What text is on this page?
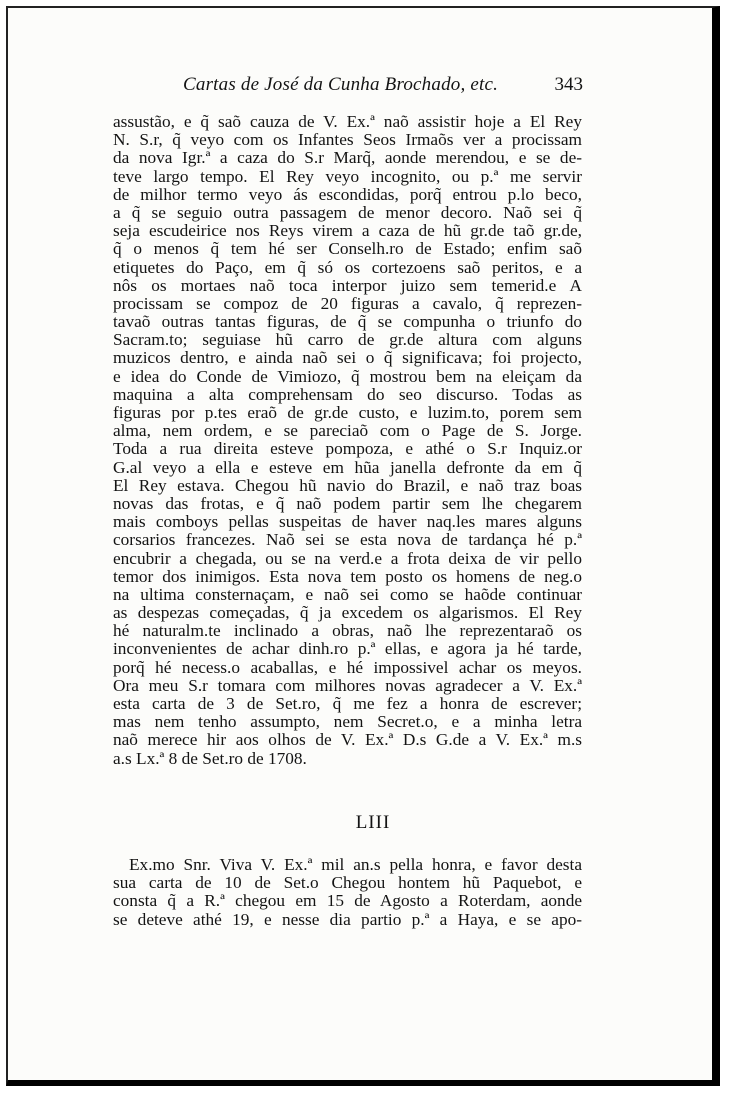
Cartas de José da Cunha Brochado, etc.	343
assustão, e q̃ saõ cauza de V. Ex.ª naõ assistir hoje a El Rey
N. S.r, q̃ veyo com os Infantes Seos Irmaõs ver a procissam
da nova Igr.ª a caza do S.r Marq̃, aonde merendou, e se de-
teve largo tempo. El Rey veyo incognito, ou p.ª me servir
de milhor termo veyo ás escondidas, porq̃ entrou p.lo beco,
a q̃ se seguio outra passagem de menor decoro. Naõ sei q̃
seja escudeirice nos Reys virem a caza de hũ gr.de taõ gr.de,
q̃ o menos q̃ tem hé ser Conselh.ro de Estado; enfim saõ
etiquetes do Paço, em q̃ só os cortezoens saõ peritos, e a
nôs os mortaes naõ toca interpor juizo sem temerid.e A
procissam se compoz de 20 figuras a cavalo, q̃ reprezen-
tavaõ outras tantas figuras, de q̃ se compunha o triunfo do
Sacram.to; seguiase hũ carro de gr.de altura com alguns
muzicos dentro, e ainda naõ sei o q̃ significava; foi projecto,
e idea do Conde de Vimiozo, q̃ mostrou bem na eleiçam da
maquina a alta comprehensam do seo discurso. Todas as
figuras por p.tes eraõ de gr.de custo, e luzim.to, porem sem
alma, nem ordem, e se pareciaõ com o Page de S. Jorge.
Toda a rua direita esteve pompoza, e athé o S.r Inquiz.or
G.al veyo a ella e esteve em hũa janella defronte da em q̃
El Rey estava. Chegou hũ navio do Brazil, e naõ traz boas
novas das frotas, e q̃ naõ podem partir sem lhe chegarem
mais comboys pellas suspeitas de haver naq.les mares alguns
corsarios francezes. Naõ sei se esta nova de tardança hé p.ª
encubrir a chegada, ou se na verd.e a frota deixa de vir pello
temor dos inimigos. Esta nova tem posto os homens de neg.o
na ultima consternaçam, e naõ sei como se haõde continuar
as despezas começadas, q̃ ja excedem os algarismos. El Rey
hé naturalm.te inclinado a obras, naõ lhe reprezentaraõ os
inconvenientes de achar dinh.ro p.ª ellas, e agora ja hé tarde,
porq̃ hé necess.o acaballas, e hé impossivel achar os meyos.
Ora meu S.r tomara com milhores novas agradecer a V. Ex.ª
esta carta de 3 de Set.ro, q̃ me fez a honra de escrever;
mas nem tenho assumpto, nem Secret.o, e a minha letra
naõ merece hir aos olhos de V. Ex.ª D.s G.de a V. Ex.ª m.s
a.s Lx.ª 8 de Set.ro de 1708.
LIII
Ex.mo Snr. Viva V. Ex.ª mil an.s pella honra, e favor desta
sua carta de 10 de Set.o Chegou hontem hũ Paquebot, e
consta q̃ a R.ª chegou em 15 de Agosto a Roterdam, aonde
se deteve athé 19, e nesse dia partio p.ª a Haya, e se apo-
